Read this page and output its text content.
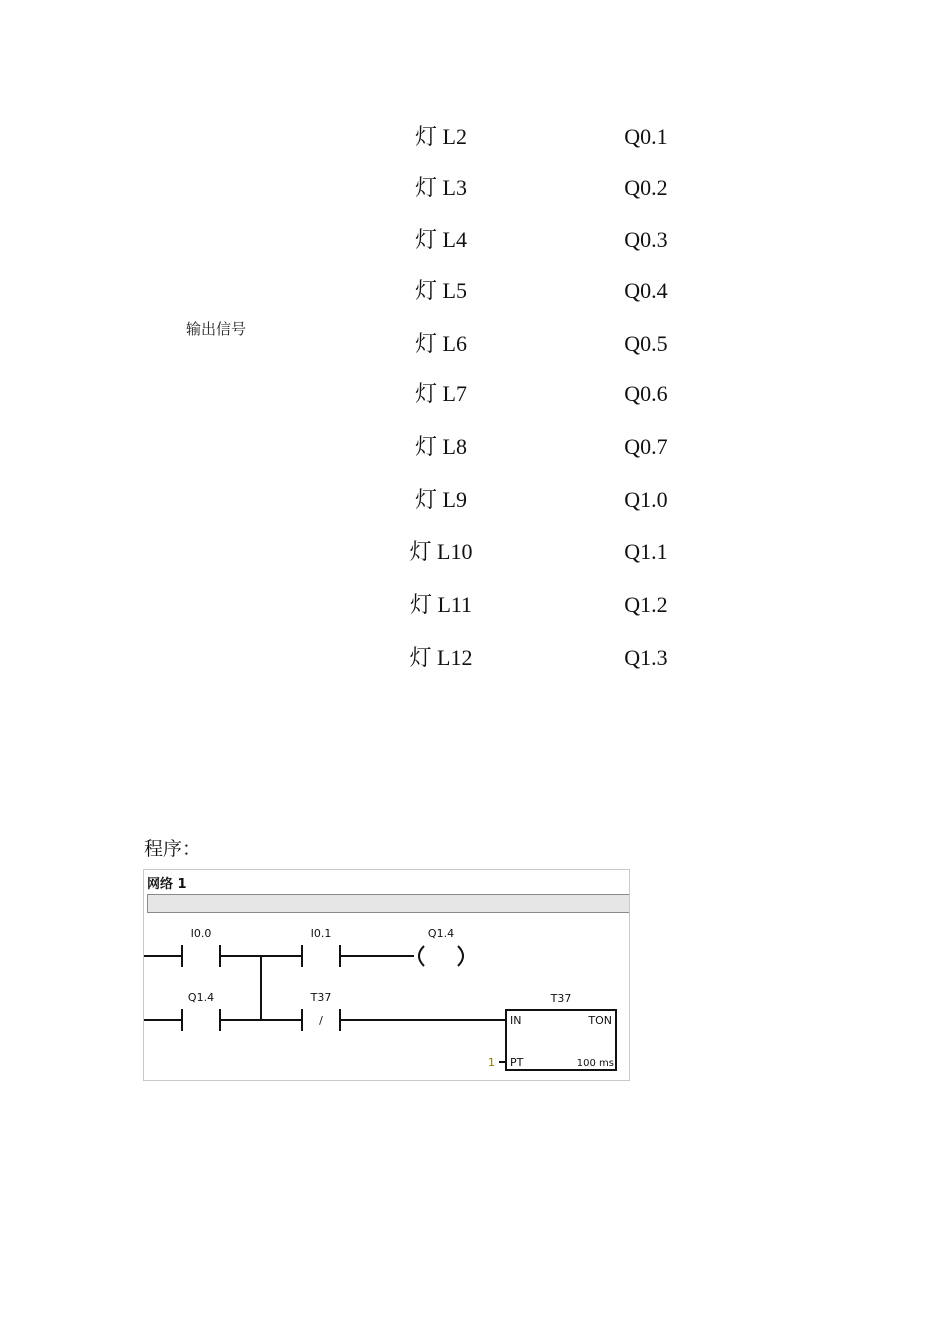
输出信号
灯 L2	Q0.1
灯 L3	Q0.2
灯 L4	Q0.3
灯 L5	Q0.4
灯 L6	Q0.5
灯 L7	Q0.6
灯 L8	Q0.7
灯 L9	Q1.0
灯 L10	Q1.1
灯 L11	Q1.2
灯 L12	Q1.3
程序：
网络 1
I0.0	I0.1	Q1.4
Q1.4	T37
/
T37
IN	TON
PT	100 ms
1
